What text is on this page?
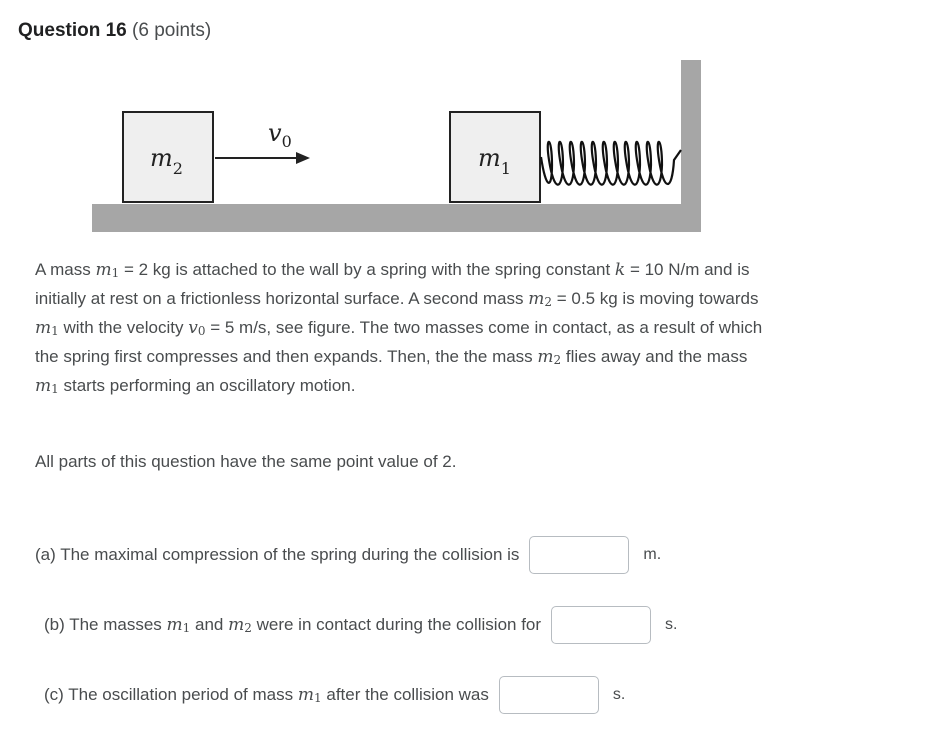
Question 16 (6 points)
$m_2$
$v_0$
$m_1$

A mass $m_1 = 2$ kg is attached to the wall by a spring with the spring constant k = 10 N/m and is initially at rest on a frictionless horizontal surface. A second mass $m_2 = 0.5$ kg is moving towards $m_1$ with the velocity $v_0 = 5$ m/s, see figure. The two masses come in contact, as a result of which the spring first compresses and then expands. Then, the the mass $m_2$ flies away and the mass $m_1$ starts performing an oscillatory motion.

All parts of this question have the same point value of 2.
(a) The maximal compression of the spring during the collision is	m.
(b) The masses $m_1$ and $m_2$ were in contact during the collision for	s.
(c) The oscillation period of mass $m_1$ after the collision was	s.
